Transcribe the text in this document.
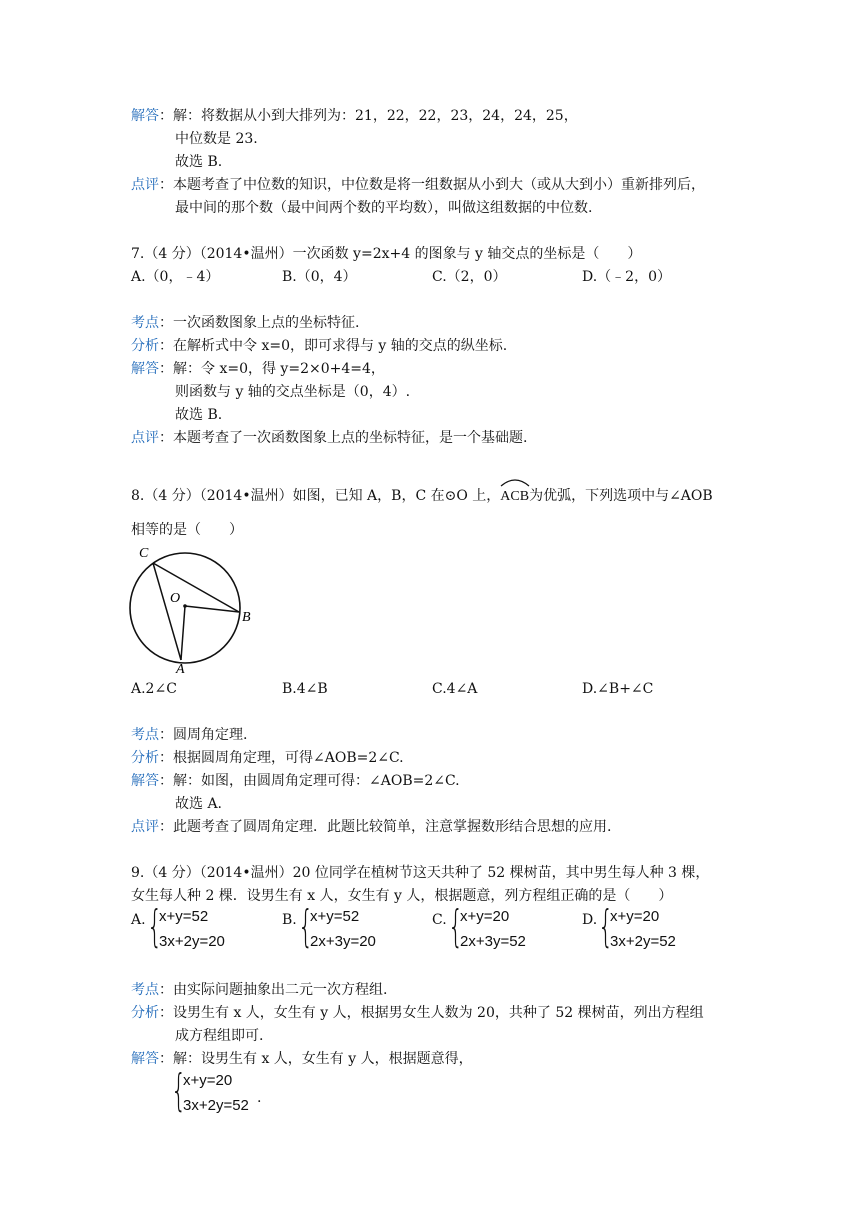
解答：解：将数据从小到大排列为：21，22，22，23，24，24，25，
中位数是 23.
故选 B.
点评：本题考查了中位数的知识，中位数是将一组数据从小到大（或从大到小）重新排列后，
最中间的那个数（最中间两个数的平均数），叫做这组数据的中位数.
7.（4 分）（2014•温州）一次函数 y=2x+4 的图象与 y 轴交点的坐标是（　　）
A.（0，﹣4）	B.（0，4）	C.（2，0）	D.（﹣2，0）
考点：一次函数图象上点的坐标特征.
分析：在解析式中令 x=0，即可求得与 y 轴的交点的纵坐标.
解答：解：令 x=0，得 y=2×0+4=4，
则函数与 y 轴的交点坐标是（0，4）.
故选 B.
点评：本题考查了一次函数图象上点的坐标特征，是一个基础题.
8.（4 分）（2014•温州）如图，已知 A，B，C 在⊙O 上，
ACB为优弧，下列选项中与∠AOB
相等的是（　　）
C
O
B
A
A.2∠C	B.4∠B	C.4∠A	D.∠B+∠C
考点：圆周角定理.
分析：根据圆周角定理，可得∠AOB=2∠C.
解答：解：如图，由圆周角定理可得：∠AOB=2∠C.
故选 A.
点评：此题考查了圆周角定理．此题比较简单，注意掌握数形结合思想的应用.
9.（4 分）（2014•温州）20 位同学在植树节这天共种了 52 棵树苗，其中男生每人种 3 棵，
女生每人种 2 棵．设男生有 x 人，女生有 y 人，根据题意，列方程组正确的是（　　）
A. {
x+y=52
3x+2y=20
B. {
x+y=52
2x+3y=20
C. {
x+y=20
2x+3y=52
D. {
x+y=20
3x+2y=52
考点：由实际问题抽象出二元一次方程组.
分析：设男生有 x 人，女生有 y 人，根据男女生人数为 20，共种了 52 棵树苗，列出方程组
成方程组即可.
解答：解：设男生有 x 人，女生有 y 人，根据题意得，
{
x+y=20
3x+2y=52 .
